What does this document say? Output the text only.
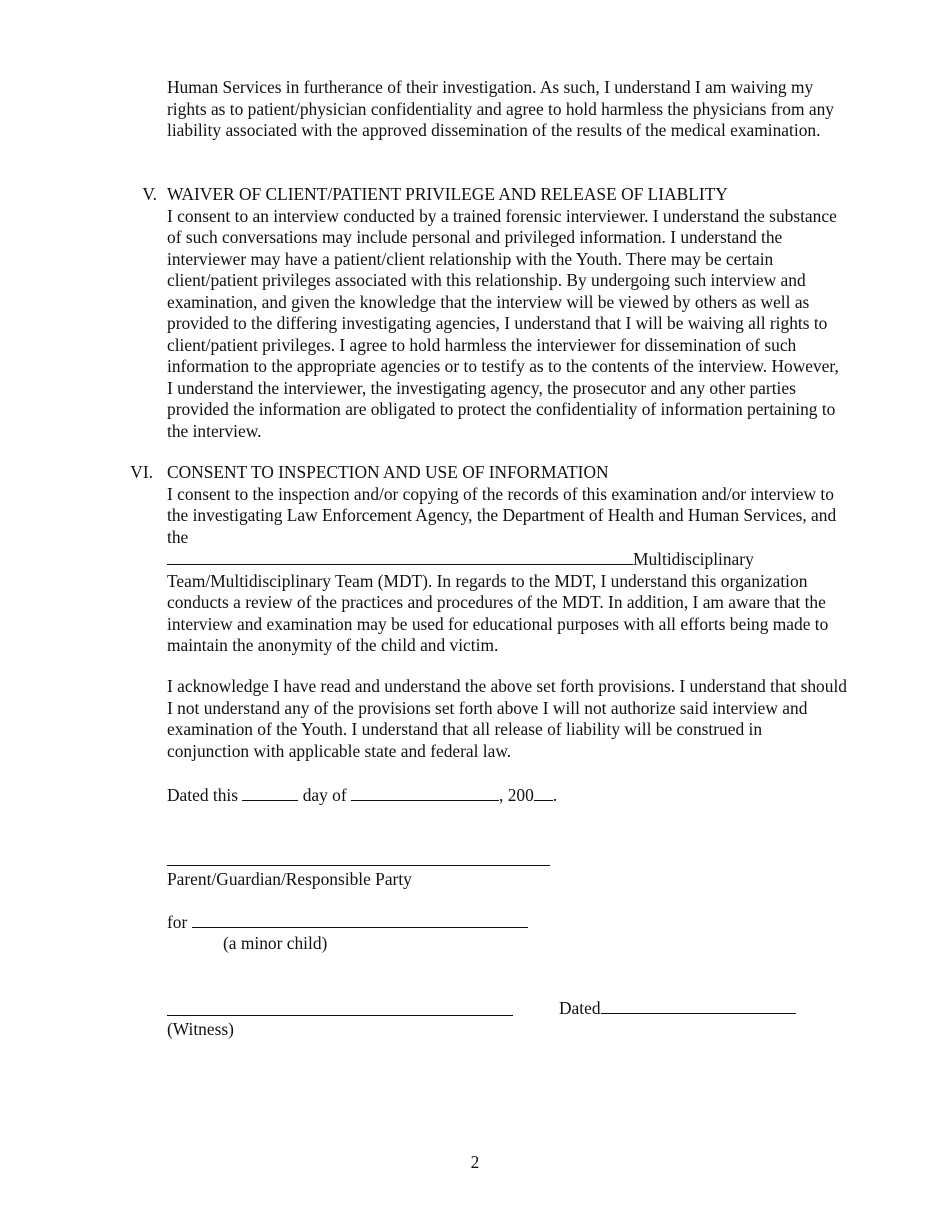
Human Services in furtherance of their investigation. As such, I understand I am waiving my rights as to patient/physician confidentiality and agree to hold harmless the physicians from any liability associated with the approved dissemination of the results of the medical examination.

V. WAIVER OF CLIENT/PATIENT PRIVILEGE AND RELEASE OF LIABLITY

I consent to an interview conducted by a trained forensic interviewer. I understand the substance of such conversations may include personal and privileged information. I understand the interviewer may have a patient/client relationship with the Youth. There may be certain client/patient privileges associated with this relationship. By undergoing such interview and examination, and given the knowledge that the interview will be viewed by others as well as provided to the differing investigating agencies, I understand that I will be waiving all rights to client/patient privileges. I agree to hold harmless the interviewer for dissemination of such information to the appropriate agencies or to testify as to the contents of the interview. However, I understand the interviewer, the investigating agency, the prosecutor and any other parties provided the information are obligated to protect the confidentiality of information pertaining to the interview.

VI. CONSENT TO INSPECTION AND USE OF INFORMATION

I consent to the inspection and/or copying of the records of this examination and/or interview to the investigating Law Enforcement Agency, the Department of Health and Human Services, and the

Multidisciplinary

Team/Multidisciplinary Team (MDT). In regards to the MDT, I understand this organization conducts a review of the practices and procedures of the MDT. In addition, I am aware that the interview and examination may be used for educational purposes with all efforts being made to maintain the anonymity of the child and victim.

I acknowledge I have read and understand the above set forth provisions. I understand that should I not understand any of the provisions set forth above I will not authorize said interview and examination of the Youth. I understand that all release of liability will be construed in conjunction with applicable state and federal law.

Dated this	day of	, 200 .
Parent/Guardian/Responsible Party
for
(a minor child)
(Witness)
Dated
2
